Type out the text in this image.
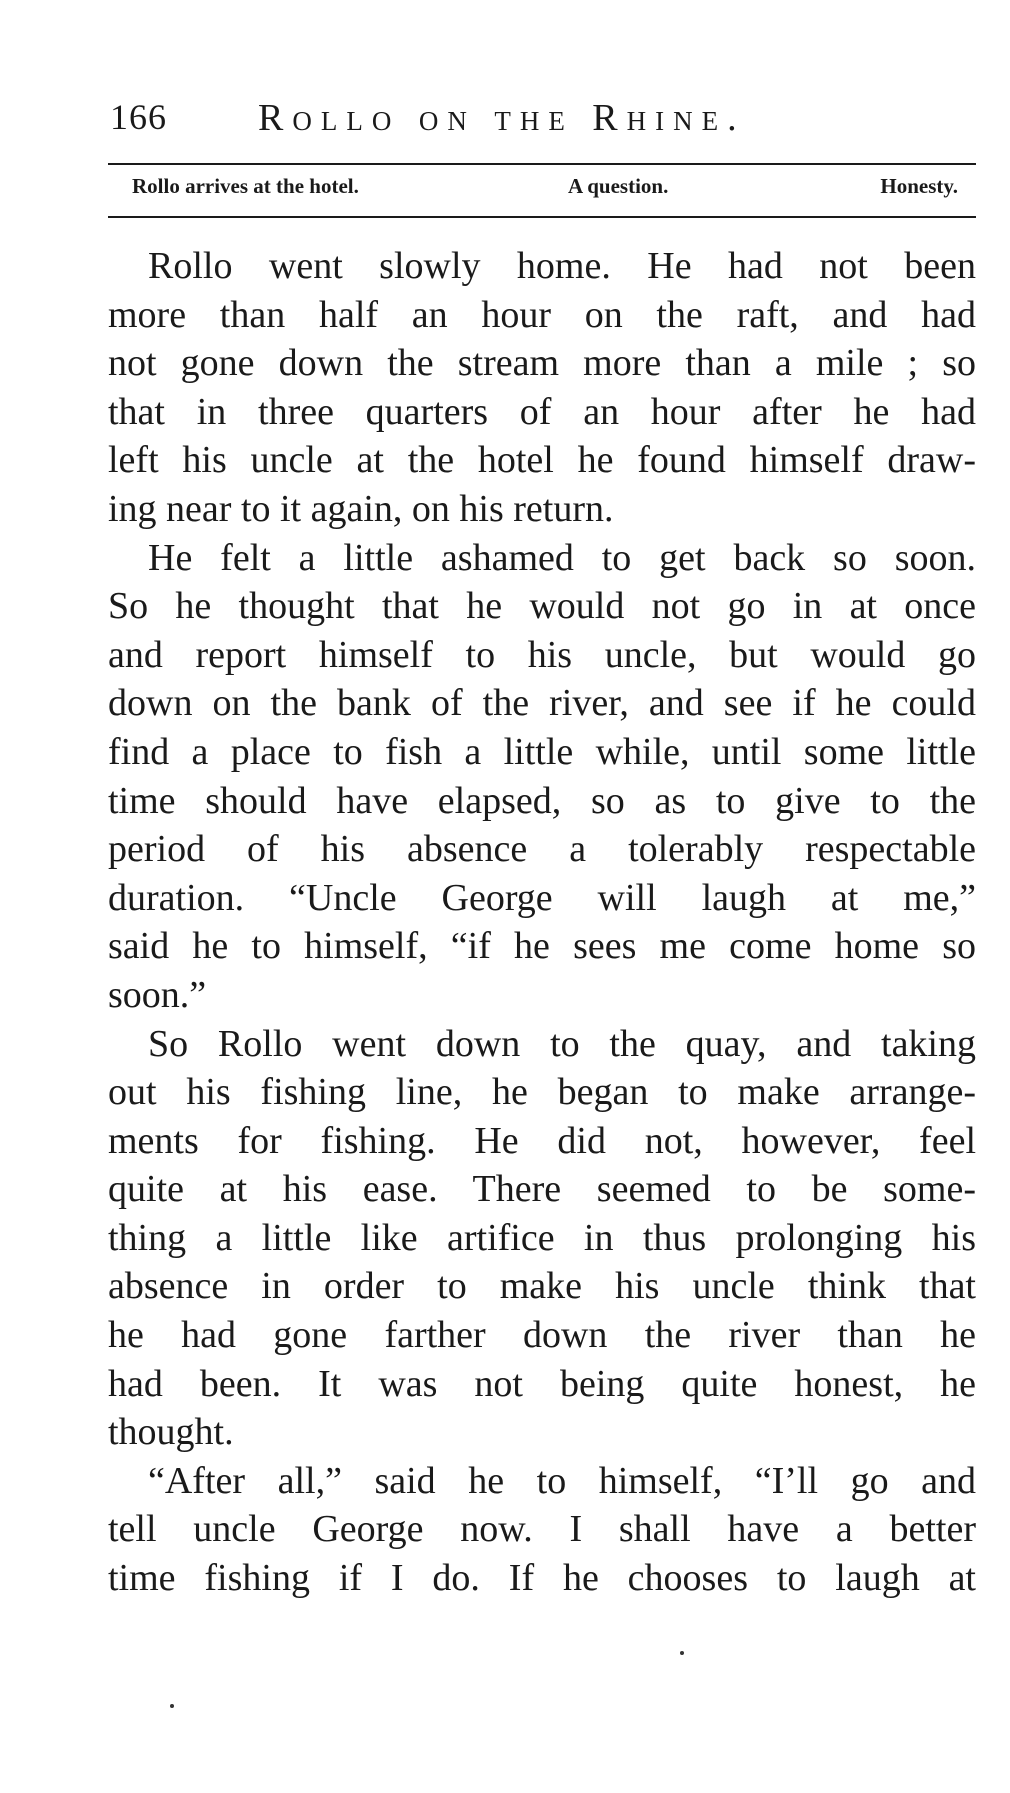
166 Rollo on the Rhine.
Rollo arrives at the hotel.	A question.	Honesty.
Rollo went slowly home. He had not been
more than half an hour on the raft, and had
not gone down the stream more than a mile ; so
that in three quarters of an hour after he had
left his uncle at the hotel he found himself draw-
ing near to it again, on his return.
He felt a little ashamed to get back so soon.
So he thought that he would not go in at once
and report himself to his uncle, but would go
down on the bank of the river, and see if he could
find a place to fish a little while, until some little
time should have elapsed, so as to give to the
period of his absence a tolerably respectable
duration. “Uncle George will laugh at me,”
said he to himself, “if he sees me come home so
soon.”
So Rollo went down to the quay, and taking
out his fishing line, he began to make arrange-
ments for fishing. He did not, however, feel
quite at his ease. There seemed to be some-
thing a little like artifice in thus prolonging his
absence in order to make his uncle think that
he had gone farther down the river than he
had been. It was not being quite honest, he
thought.
“After all,” said he to himself, “I’ll go and
tell uncle George now. I shall have a better
time fishing if I do. If he chooses to laugh at
